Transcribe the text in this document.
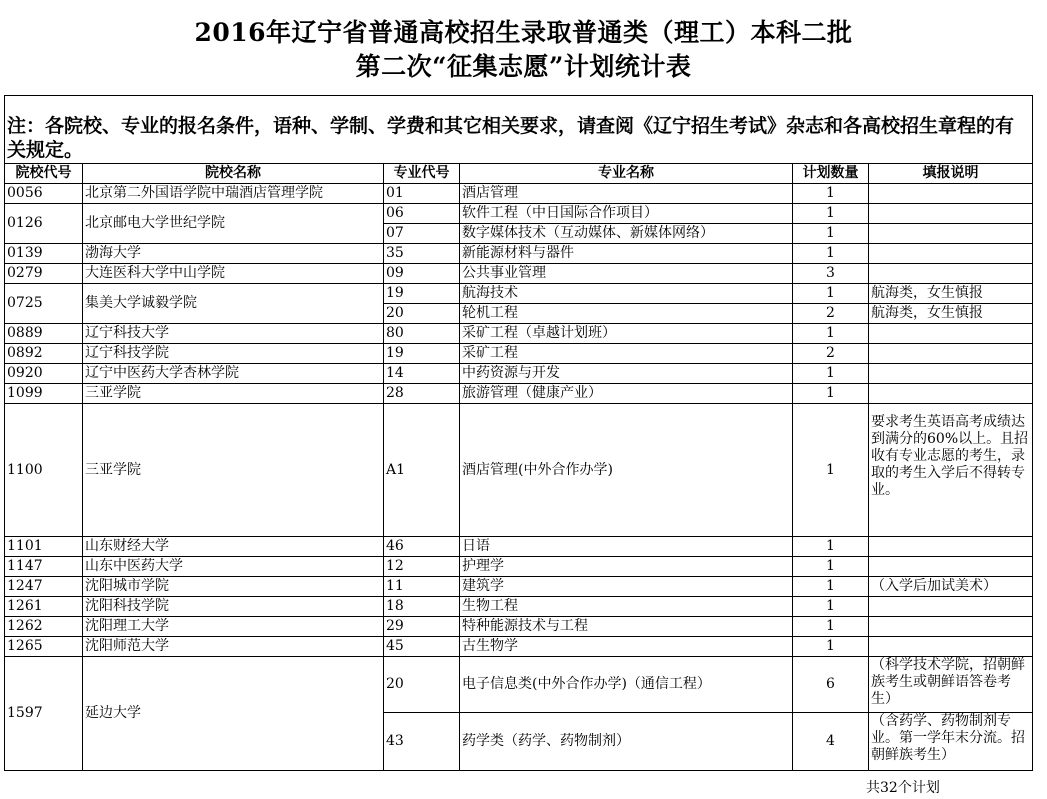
2016年辽宁省普通高校招生录取普通类（理工）本科二批
第二次“征集志愿”计划统计表
注：各院校、专业的报名条件，语种、学制、学费和其它相关要求，请查阅《辽宁招生考试》杂志和各高校招生章程的有关规定。					
院校代号	院校名称	专业代号	专业名称	计划数量	填报说明
0056	北京第二外国语学院中瑞酒店管理学院	01	酒店管理	1	
0126	北京邮电大学世纪学院	06	软件工程（中日国际合作项目）	1	
		07	数字媒体技术（互动媒体、新媒体网络）	1	
0139	渤海大学	35	新能源材料与器件	1	
0279	大连医科大学中山学院	09	公共事业管理	3	
0725	集美大学诚毅学院	19	航海技术	1	航海类，女生慎报
		20	轮机工程	2	航海类，女生慎报
0889	辽宁科技大学	80	采矿工程（卓越计划班）	1	
0892	辽宁科技学院	19	采矿工程	2	
0920	辽宁中医药大学杏林学院	14	中药资源与开发	1	
1099	三亚学院	28	旅游管理（健康产业）	1	
1100	三亚学院	A1	酒店管理(中外合作办学)	1	要求考生英语高考成绩达到满分的60%以上。且招收有专业志愿的考生，录取的考生入学后不得转专业。
1101	山东财经大学	46	日语	1	
1147	山东中医药大学	12	护理学	1	
1247	沈阳城市学院	11	建筑学	1	（入学后加试美术）
1261	沈阳科技学院	18	生物工程	1	
1262	沈阳理工大学	29	特种能源技术与工程	1	
1265	沈阳师范大学	45	古生物学	1	
1597	延边大学	20	电子信息类(中外合作办学)（通信工程）	6	（科学技术学院，招朝鲜族考生或朝鲜语答卷考生）
		43	药学类（药学、药物制剂）	4	（含药学、药物制剂专业。第一学年末分流。招朝鲜族考生）
共32个计划
